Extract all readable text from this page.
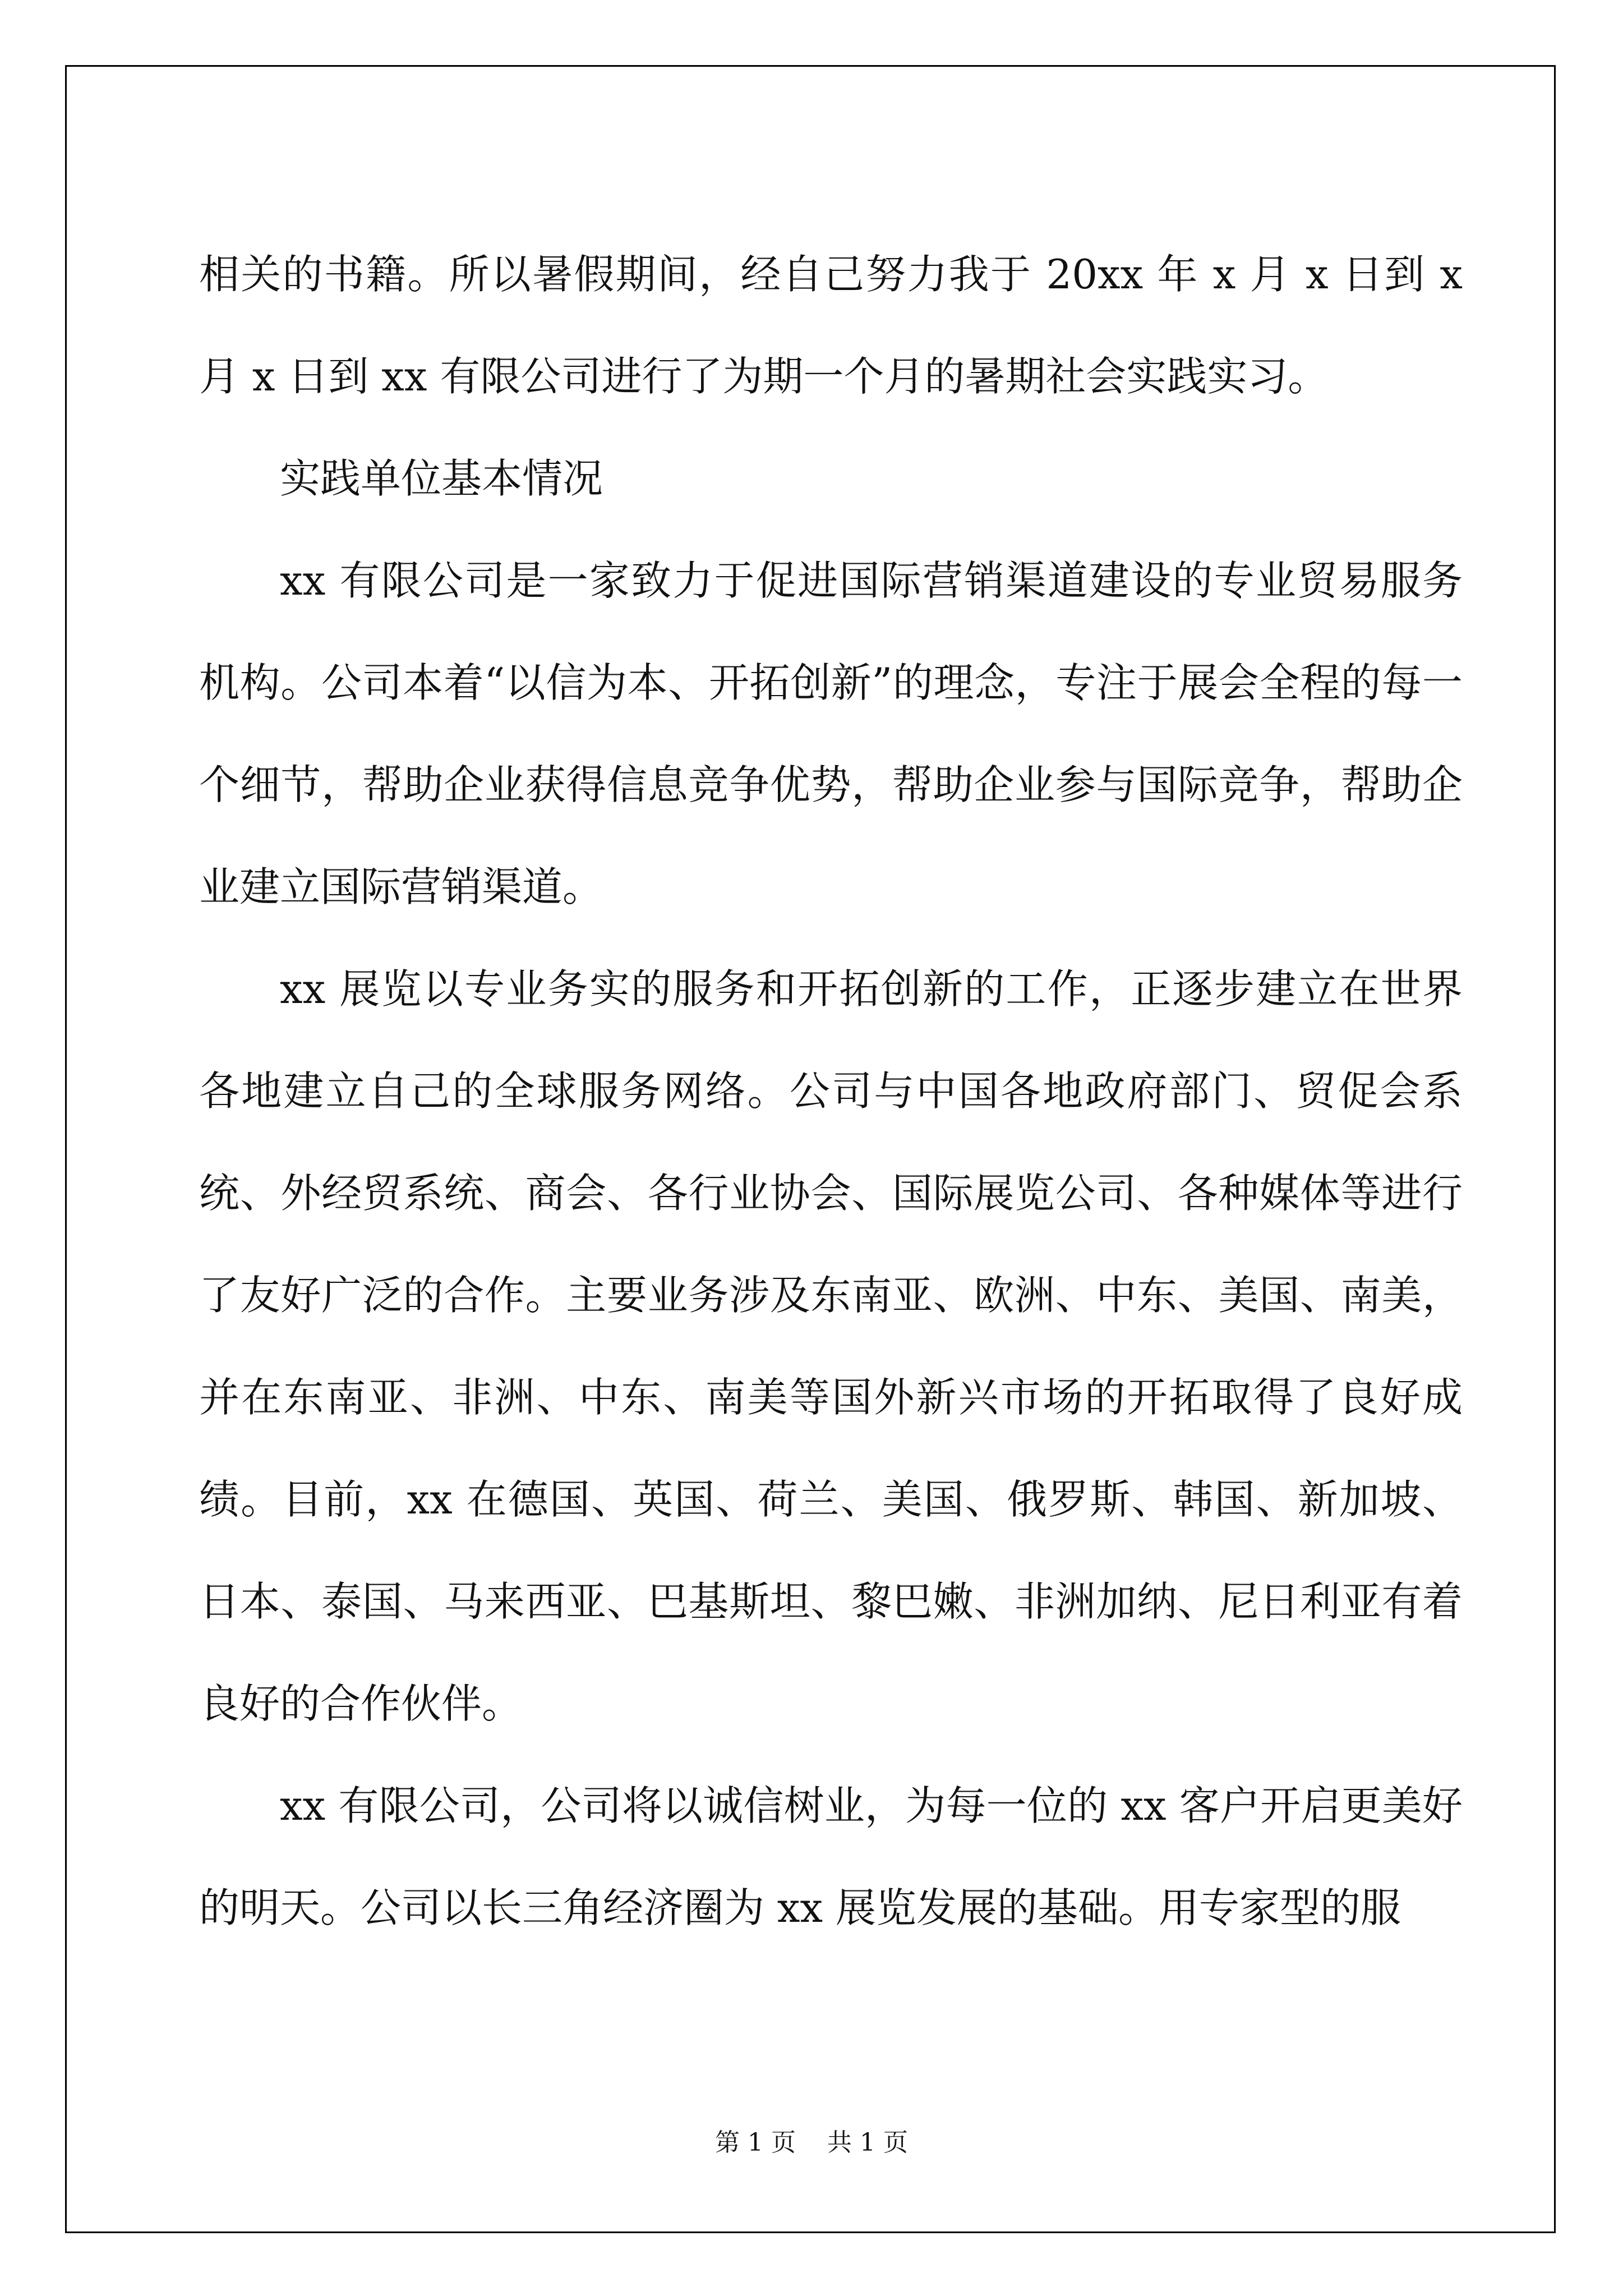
相关的书籍。所以暑假期间，经自己努力我于 20xx 年 x 月 x 日到 x 月 x 日到 xx 有限公司进行了为期一个月的暑期社会实践实习。

实践单位基本情况

xx 有限公司是一家致力于促进国际营销渠道建设的专业贸易服务机构。公司本着“以信为本、开拓创新”的理念，专注于展会全程的每一个细节，帮助企业获得信息竞争优势，帮助企业参与国际竞争，帮助企业建立国际营销渠道。

xx 展览以专业务实的服务和开拓创新的工作，正逐步建立在世界各地建立自己的全球服务网络。公司与中国各地政府部门、贸促会系统、外经贸系统、商会、各行业协会、国际展览公司、各种媒体等进行了友好广泛的合作。主要业务涉及东南亚、欧洲、中东、美国、南美，并在东南亚、非洲、中东、南美等国外新兴市场的开拓取得了良好成绩。目前，xx 在德国、英国、荷兰、美国、俄罗斯、韩国、新加坡、日本、泰国、马来西亚、巴基斯坦、黎巴嫩、非洲加纳、尼日利亚有着良好的合作伙伴。

xx 有限公司，公司将以诚信树业，为每一位的 xx 客户开启更美好的明天。公司以长三角经济圈为 xx 展览发展的基础。用专家型的服

第 1 页 共 1 页
